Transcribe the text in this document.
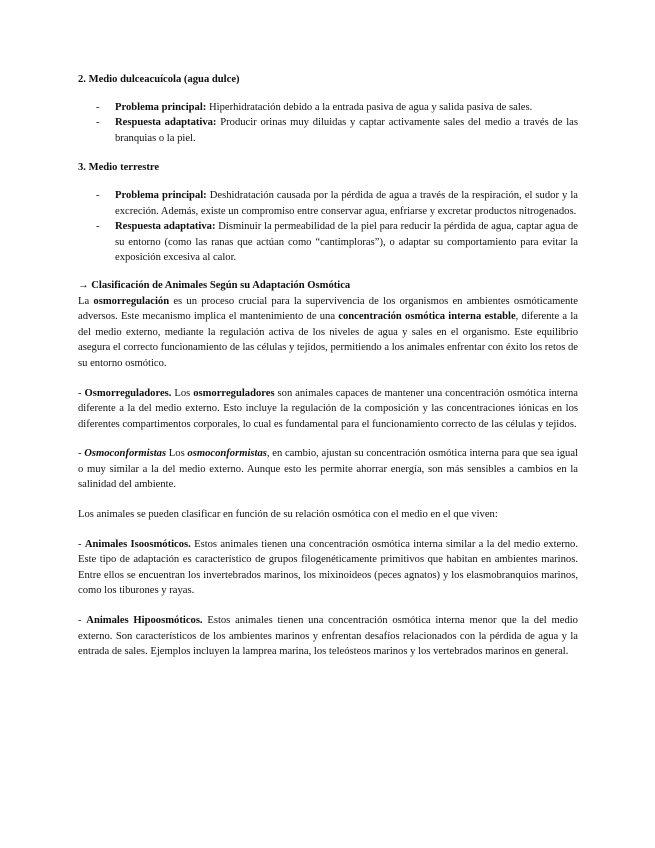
2. Medio dulceacuícola (agua dulce)

- Problema principal: Hiperhidratación debido a la entrada pasiva de agua y salida pasiva de sales.
- Respuesta adaptativa: Producir orinas muy diluidas y captar activamente sales del medio a través de las branquias o la piel.

3. Medio terrestre

- Problema principal: Deshidratación causada por la pérdida de agua a través de la respiración, el sudor y la excreción. Además, existe un compromiso entre conservar agua, enfriarse y excretar productos nitrogenados.
- Respuesta adaptativa: Disminuir la permeabilidad de la piel para reducir la pérdida de agua, captar agua de su entorno (como las ranas que actúan como “cantimploras”), o adaptar su comportamiento para evitar la exposición excesiva al calor.

→ Clasificación de Animales Según su Adaptación Osmótica

La osmorregulación es un proceso crucial para la supervivencia de los organismos en ambientes osmóticamente adversos. Este mecanismo implica el mantenimiento de una concentración osmótica interna estable, diferente a la del medio externo, mediante la regulación activa de los niveles de agua y sales en el organismo. Este equilibrio asegura el correcto funcionamiento de las células y tejidos, permitiendo a los animales enfrentar con éxito los retos de su entorno osmótico.

- Osmorreguladores. Los osmorreguladores son animales capaces de mantener una concentración osmótica interna diferente a la del medio externo. Esto incluye la regulación de la composición y las concentraciones iónicas en los diferentes compartimentos corporales, lo cual es fundamental para el funcionamiento correcto de las células y tejidos.

- Osmoconformistas Los osmoconformistas, en cambio, ajustan su concentración osmótica interna para que sea igual o muy similar a la del medio externo. Aunque esto les permite ahorrar energía, son más sensibles a cambios en la salinidad del ambiente.

Los animales se pueden clasificar en función de su relación osmótica con el medio en el que viven:

- Animales Isoosmóticos. Estos animales tienen una concentración osmótica interna similar a la del medio externo. Este tipo de adaptación es característico de grupos filogenéticamente primitivos que habitan en ambientes marinos. Entre ellos se encuentran los invertebrados marinos, los mixinoideos (peces agnatos) y los elasmobranquios marinos, como los tiburones y rayas.

- Animales Hipoosmóticos. Estos animales tienen una concentración osmótica interna menor que la del medio externo. Son característicos de los ambientes marinos y enfrentan desafíos relacionados con la pérdida de agua y la entrada de sales. Ejemplos incluyen la lamprea marina, los teleósteos marinos y los vertebrados marinos en general.
